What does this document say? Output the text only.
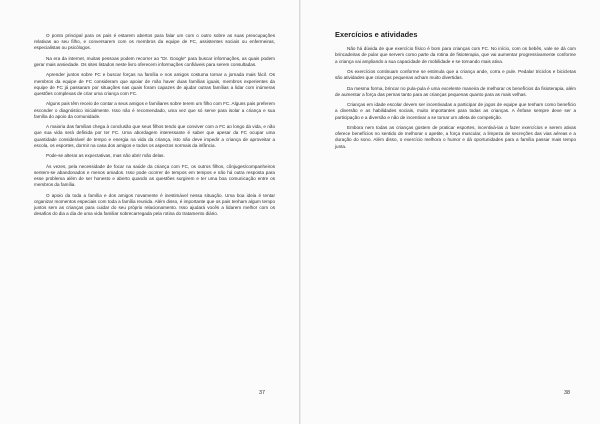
O ponto principal para os pais é estarem abertos para falar um com o outro sobre as suas preocupações relativas ao seu filho, e conversarem com os membros da equipe de FC, assistentes sociais ou enfermeiras, especialistas ou psicólogos.

Na era da internet, muitas pessoas podem recorrer ao "Dr. Google" para buscar informações, as quais podem gerar mais ansiedade. Os sites listados neste livro oferecem informações confiáveis para serem consultadas.

Aprender juntos sobre FC e buscar forças na família e nos amigos costuma tornar a jornada mais fácil. Os membros da equipe de FC consideram que apoiar de mão haver duas famílias iguais, membros experientes da equipe de FC já passaram por situações nas quais foram capazes de ajudar outras famílias a lidar com inúmeras questões complexas de criar uma criança com FC.

Alguns pais têm receio de contar a seus amigos e familiares sobre terem um filho com FC. Alguns pais preferem esconder o diagnóstico inicialmente. Isso não é recomendado, uma vez que só serve para isolar a criança e sua família do apoio da comunidade.

A maioria das famílias chega à conclusão que seus filhos tendo que conviver com a FC ao longo da vida, e não que sua vida será definida por ter FC. Uma abordagem interessante é saber que apesar da FC ocupar uma quantidade considerável de tempo e energia na vida da criança, isto não deve impedir a criança de aproveitar a escola, os esportes, dormir na casa dos amigos e todos os aspectos normais da infância.

Pode-se alterar as expectativas, mas não abrir mão delas.

Às vezes, pela necessidade de focar na saúde da criança com FC, os outros filhos, cônjuges/companheiros sentem-se abandonados e menos amados. Isso pode ocorrer de tempos em tempos e não há outra resposta para esse problema além de ser honesto e aberto quando as questões surgirem e ter uma boa comunicação entre os membros da família.

O apoio da toda a família e dos amigos novamente é inestimável nessa situação. Uma boa ideia é tentar organizar momentos especiais com toda a família reunida. Além disso, é importante que os pais tenham algum tempo juntos sem as crianças para cuidar do seu próprio relacionamento. Isso ajudará vocês a lidarem melhor com os desafios do dia a dia de uma vida familiar sobrecarregada pela rotina do tratamento diário.

37
Exercícios e atividades

Não há dúvida de que exercício físico é bom para crianças com FC. No início, com os bebês, vale se dá com brincadeiras de pular que servem como parte da rotina de fisioterapia, que vai aumentar progressivamente conforme a criança vai ampliando a sua capacidade de mobilidade e se tornando mais ativa.

Os exercícios continuam conforme se estimula que a criança ande, corra e pule. Pedalar triciclos e bicicletas são atividades que crianças pequenas acham muito divertidas.

Da mesma forma, brincar no pula-pula é uma excelente maneira de melhorar os benefícios da fisioterapia, além de aumentar a força das pernas tanto para as crianças pequenas quanto para as mais velhas.

Crianças em idade escolar devem ser incentivadas a participar de jogos de equipe que tenham como benefício a diversão e as habilidades sociais, muito importantes para todas as crianças. A ênfase sempre deve ser a participação e a diversão e não de incentivar a se tornar um atleta de competição.

Embora nem todas as crianças gostem de praticar esportes, incentivá-las a fazer exercícios e serem ativas oferece benefícios no sentido de melhorar o apetite, a força muscular, a limpeza de secreções das vias aéreas e a duração do sono. Além disso, o exercício melhora o humor e dá oportunidades para a família passar mais tempo junta.

38
